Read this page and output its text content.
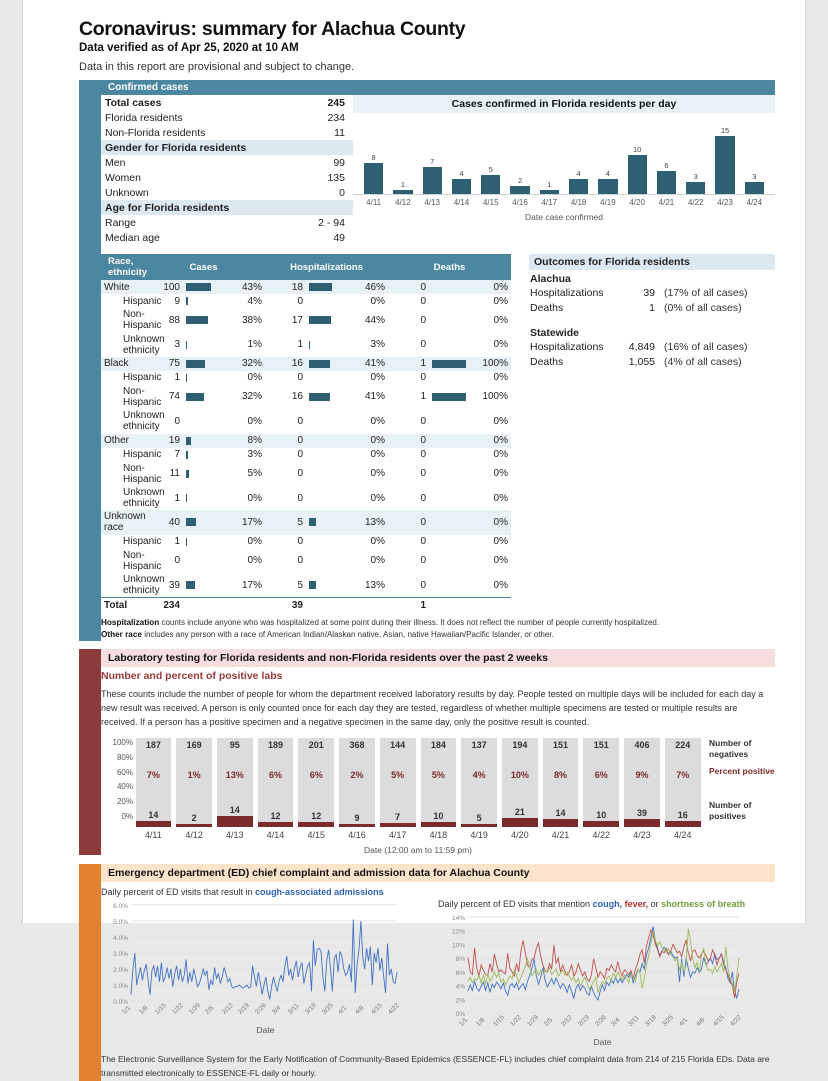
Coronavirus: summary for Alachua County
Data verified as of Apr 25, 2020 at 10 AM
Data in this report are provisional and subject to change.
Confirmed cases
Total cases	245
Florida residents	234
Non-Florida residents	11
Gender for Florida residents	
Men	99
Women	135
Unknown	0
Age for Florida residents	
Range	2 - 94
Median age	49
Cases confirmed in Florida residents per day
8
1
7
4	5
2	1
4	4
10
6
3
15
3
4/11	4/12	4/13	4/14	4/15	4/16	4/17	4/18	4/19	4/20	4/21	4/22	4/23	4/24
Date case confirmed
Race, ethnicity	Cases			Hospitalizations			Deaths		
White	100		43%	18		46%	0		0%
Hispanic	9		4%	0		0%	0		0%
Non-Hispanic	88		38%	17		44%	0		0%
Unknown ethnicity	3		1%	1		3%	0		0%
Black	75		32%	16		41%	1		100%
Hispanic	1		0%	0		0%	0		0%
Non-Hispanic	74		32%	16		41%	1		100%
Unknown ethnicity	0		0%	0		0%	0		0%
Other	19		8%	0		0%	0		0%
Hispanic	7		3%	0		0%	0		0%
Non-Hispanic	11		5%	0		0%	0		0%
Unknown ethnicity	1		0%	0		0%	0		0%
Unknown race	40		17%	5		13%	0		0%
Hispanic	1		0%	0		0%	0		0%
Non-Hispanic	0		0%	0		0%	0		0%
Unknown ethnicity	39		17%	5		13%	0		0%
Total	234			39			1		
Outcomes for Florida residents
Alachua
Hospitalizations	39 (17% of all cases)
Deaths	1 (0% of all cases)
Statewide
Hospitalizations	4,849 (16% of all cases)
Deaths	1,055 (4% of all cases)
Hospitalization counts include anyone who was hospitalized at some point during their illness. It does not reflect the number of people currently hospitalized.
Other race includes any person with a race of American Indian/Alaskan native, Asian, native Hawaiian/Pacific Islander, or other.
Laboratory testing for Florida residents and non-Florida residents over the past 2 weeks
Number and percent of positive labs
These counts include the number of people for whom the department received laboratory results by day. People tested on multiple days will be included for each day a new result was received. A person is only counted once for each day they are tested, regardless of whether multiple specimens are tested or multiple results are received. If a person has a positive specimen and a negative specimen in the same day, only the positive result is counted.
100%
80%
60%
40%
20%
0%
187
7%
14
169
1%
2
95
13%
14
189
6%
12
201
6%
12
368
2%
9
144
5%
7
184
5%
10
137
4%
5
194
10%
21
151
8%
14
151
6%
10
406
9%
39
224
7%
16
Number of negatives
Percent positive
Number of positives
4/11	4/12	4/13	4/14	4/15	4/16	4/17	4/18	4/19	4/20	4/21	4/22	4/23	4/24
Date (12:00 am to 11:59 pm)
Emergency department (ED) chief complaint and admission data for Alachua County
Daily percent of ED visits that result in cough-associated admissions
0.0%
1.0%
2.0%
3.0%
4.0%
5.0%
6.0%
1/1 1/8 1/15 1/22 1/29 2/5 2/12 2/19 2/26 3/4 3/11 3/18 3/25 4/1 4/8 4/15 4/22
Date
Daily percent of ED visits that mention cough, fever, or shortness of breath
0%
2%
4%
6%
8%
10%
12%
14%
1/1 1/8 1/15 1/22 1/29 2/5 2/12 2/19 2/26 3/4 3/11 3/18 3/25 4/1 4/8 4/15 4/22
Date
The Electronic Surveillance System for the Early Notification of Community-Based Epidemics (ESSENCE-FL) includes chief complaint data from 214 of 215 Florida EDs. Data are transmitted electronically to ESSENCE-FL daily or hourly.
